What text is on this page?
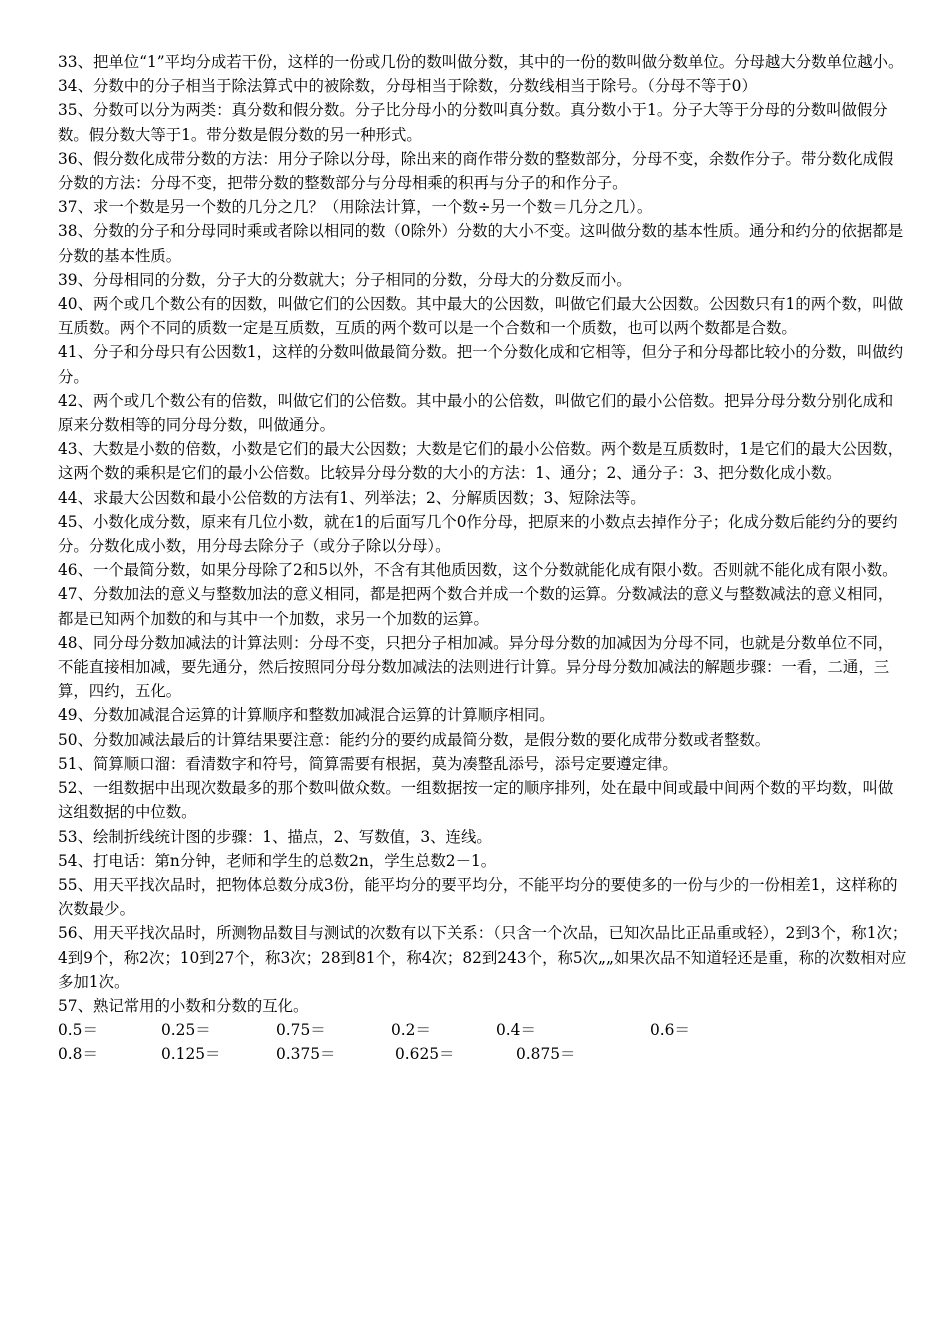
33、把单位“1”平均分成若干份，这样的一份或几份的数叫做分数，其中的一份的数叫做分数单位。分母越大分数单位越小。

34、分数中的分子相当于除法算式中的被除数，分母相当于除数，分数线相当于除号。（分母不等于0）

35、分数可以分为两类：真分数和假分数。分子比分母小的分数叫真分数。真分数小于1。分子大等于分母的分数叫做假分数。假分数大等于1。带分数是假分数的另一种形式。

36、假分数化成带分数的方法：用分子除以分母，除出来的商作带分数的整数部分，分母不变，余数作分子。带分数化成假分数的方法：分母不变，把带分数的整数部分与分母相乘的积再与分子的和作分子。

37、求一个数是另一个数的几分之几？（用除法计算，一个数÷另一个数＝几分之几）。

38、分数的分子和分母同时乘或者除以相同的数（0除外）分数的大小不变。这叫做分数的基本性质。通分和约分的依据都是分数的基本性质。

39、分母相同的分数，分子大的分数就大；分子相同的分数，分母大的分数反而小。

40、两个或几个数公有的因数，叫做它们的公因数。其中最大的公因数，叫做它们最大公因数。公因数只有1的两个数，叫做互质数。两个不同的质数一定是互质数，互质的两个数可以是一个合数和一个质数，也可以两个数都是合数。

41、分子和分母只有公因数1，这样的分数叫做最简分数。把一个分数化成和它相等，但分子和分母都比较小的分数，叫做约分。

42、两个或几个数公有的倍数，叫做它们的公倍数。其中最小的公倍数，叫做它们的最小公倍数。把异分母分数分别化成和原来分数相等的同分母分数，叫做通分。

43、大数是小数的倍数，小数是它们的最大公因数；大数是它们的最小公倍数。两个数是互质数时，1是它们的最大公因数，这两个数的乘积是它们的最小公倍数。比较异分母分数的大小的方法：1、通分；2、通分子：3、把分数化成小数。

44、求最大公因数和最小公倍数的方法有1、列举法；2、分解质因数；3、短除法等。

45、小数化成分数，原来有几位小数，就在1的后面写几个0作分母，把原来的小数点去掉作分子；化成分数后能约分的要约分。分数化成小数，用分母去除分子（或分子除以分母）。

46、一个最简分数，如果分母除了2和5以外，不含有其他质因数，这个分数就能化成有限小数。否则就不能化成有限小数。

47、分数加法的意义与整数加法的意义相同，都是把两个数合并成一个数的运算。分数减法的意义与整数减法的意义相同，都是已知两个加数的和与其中一个加数，求另一个加数的运算。

48、同分母分数加减法的计算法则：分母不变，只把分子相加减。异分母分数的加减因为分母不同，也就是分数单位不同，不能直接相加减，要先通分，然后按照同分母分数加减法的法则进行计算。异分母分数加减法的解题步骤：一看，二通，三算，四约，五化。

49、分数加减混合运算的计算顺序和整数加减混合运算的计算顺序相同。

50、分数加减法最后的计算结果要注意：能约分的要约成最简分数，是假分数的要化成带分数或者整数。

51、简算顺口溜：看清数字和符号，简算需要有根据，莫为凑整乱添号，添号定要遵定律。

52、一组数据中出现次数最多的那个数叫做众数。一组数据按一定的顺序排列，处在最中间或最中间两个数的平均数，叫做这组数据的中位数。

53、绘制折线统计图的步骤：1、描点，2、写数值，3、连线。

54、打电话：第n分钟，老师和学生的总数2n，学生总数2－1。

55、用天平找次品时，把物体总数分成3份，能平均分的要平均分，不能平均分的要使多的一份与少的一份相差1，这样称的次数最少。

56、用天平找次品时，所测物品数目与测试的次数有以下关系：（只含一个次品，已知次品比正品重或轻），2到3个，称1次；4到9个，称2次；10到27个，称3次；28到81个，称4次；82到243个，称5次„„如果次品不知道轻还是重，称的次数相对应多加1次。

57、熟记常用的小数和分数的互化。

0.5＝	0.25＝	0.75＝	0.2＝	0.4＝	0.6＝
0.8＝	0.125＝	0.375＝	0.625＝	0.875＝
